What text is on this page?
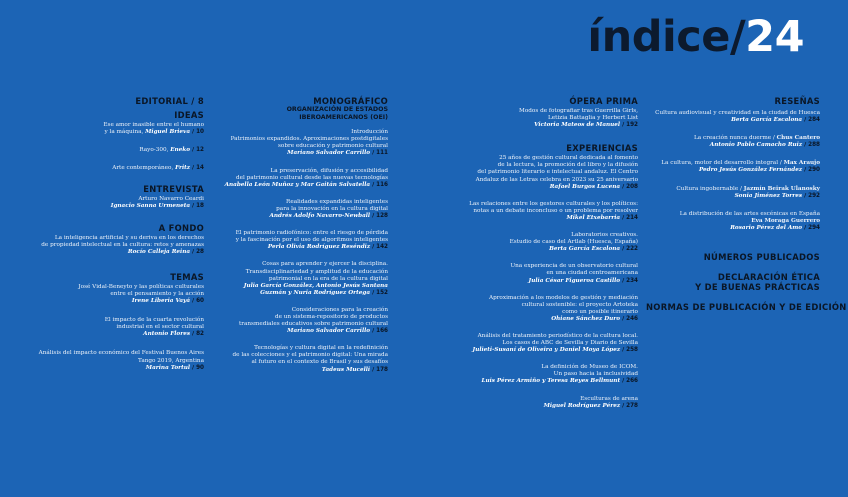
índice/24
EDITORIAL / 8
IDEAS
Ese amor inasible entre el humano
y la máquina, Miguel Brieva / 10
Rayo-300, Eneko / 12
Arte contemporáneo, Fritz / 14
ENTREVISTA
Arturo Navarro Ceardi
Ignacio Sanna Urmeneta / 18
A FONDO
La inteligencia artificial y su deriva en los derechos
de propiedad intelectual en la cultura: retos y amenazas
Rocío Calleja Reina / 28
TEMAS
José Vidal-Beneyto y las políticas culturales
entre el pensamiento y la acción
Irene Liberia Vayá / 60
El impacto de la cuarta revolución
industrial en el sector cultural
Antonio Flores / 82
Análisis del impacto económico del Festival Buenos Aires
Tango 2019, Argentina
Marina Tortul / 90
MONOGRÁFICO
ORGANIZACIÓN DE ESTADOS
IBEROAMERICANOS (OEI)
Introducción
Patrimonios expandidos. Aproximaciones postdigitales
sobre educación y patrimonio cultural
Mariano Salvador Carrillo / 111
La preservación, difusión y accesibilidad
del patrimonio cultural desde las nuevas tecnologías
Anabella León Muñoz y Mar Gaitán Salvatella / 116
Realidades expandidas inteligentes
para la innovación en la cultura digital
Andrés Adolfo Navarro-Newball / 128
El patrimonio radiofónico: entre el riesgo de pérdida
y la fascinación por el uso de algoritmos inteligentes
Perla Olivia Rodríguez Reséndiz / 142
Cosas para aprender y ejercer la disciplina.
Transdisciplinariedad y amplitud de la educación
patrimonial en la era de la cultura digital
Julia García González, Antonio Jesús Santana
Guzmán y Nuria Rodríguez Ortega / 152
Consideraciones para la creación
de un sistema-repositorio de productos
transmediales educativos sobre patrimonio cultural
Mariano Salvador Carrillo / 166
Tecnologías y cultura digital en la redefinición
de las colecciones y el patrimonio digital: Una mirada
al futuro en el contexto de Brasil y sus desafíos
Tadeus Mucelli / 178
ÓPERA PRIMA
Modos de fotografiar tras Guerrilla Girls,
Letizia Battaglia y Herbert List
Victoria Mateos de Manuel / 192
EXPERIENCIAS
25 años de gestión cultural dedicada al fomento
de la lectura, la promoción del libro y la difusión
del patrimonio literario e intelectual andaluz. El Centro
Andaluz de las Letras celebra en 2023 su 25 aniversario
Rafael Burgos Lucena / 208
Las relaciones entre los gestores culturales y los políticos:
notas a un debate inconcluso o un problema por resolver
Mikel Etxebarria / 214
Laboratorios creativos.
Estudio de caso del Artlab (Huesca, España)
Berta García Escalona / 222
Una experiencia de un observatorio cultural
en una ciudad centroamericana
Julia César Figueroa Castillo / 234
Aproximación a los modelos de gestión y mediación
cultural sostenible: el proyecto Artoteka
como un posible itinerario
Ohiane Sánchez Duro / 246
Análisis del tratamiento periodístico de la cultura local.
Los casos de ABC de Sevilla y Diario de Sevilla
Julieti-Susaní de Oliveira y Daniel Moya López / 258
La definición de Museo de ICOM.
Un paso hacia la inclusividad
Luis Pérez Armiño y Teresa Reyes Bellmunt / 266
Esculturas de arena
Miguel Rodríguez Pérez / 278
RESEÑAS
Cultura audiovisual y creatividad en la ciudad de Huesca
Berta García Escalona / 284
La creación nunca duerme / Chus Cantero
Antonio Pablo Camacho Ruiz / 288
La cultura, motor del desarrollo integral / Max Araujo
Pedro Jesús González Fernández / 290
Cultura ingobernable / Jazmín Beirak Ulanosky
Sonia Jiménez Torres / 292
La distribución de las artes escénicas en España
Eva Moraga Guerrero
Rosario Pérez del Amo / 294
NÚMEROS PUBLICADOS
DECLARACIÓN ÉTICA
Y DE BUENAS PRÁCTICAS
NORMAS DE PUBLICACIÓN Y DE EDICIÓN
